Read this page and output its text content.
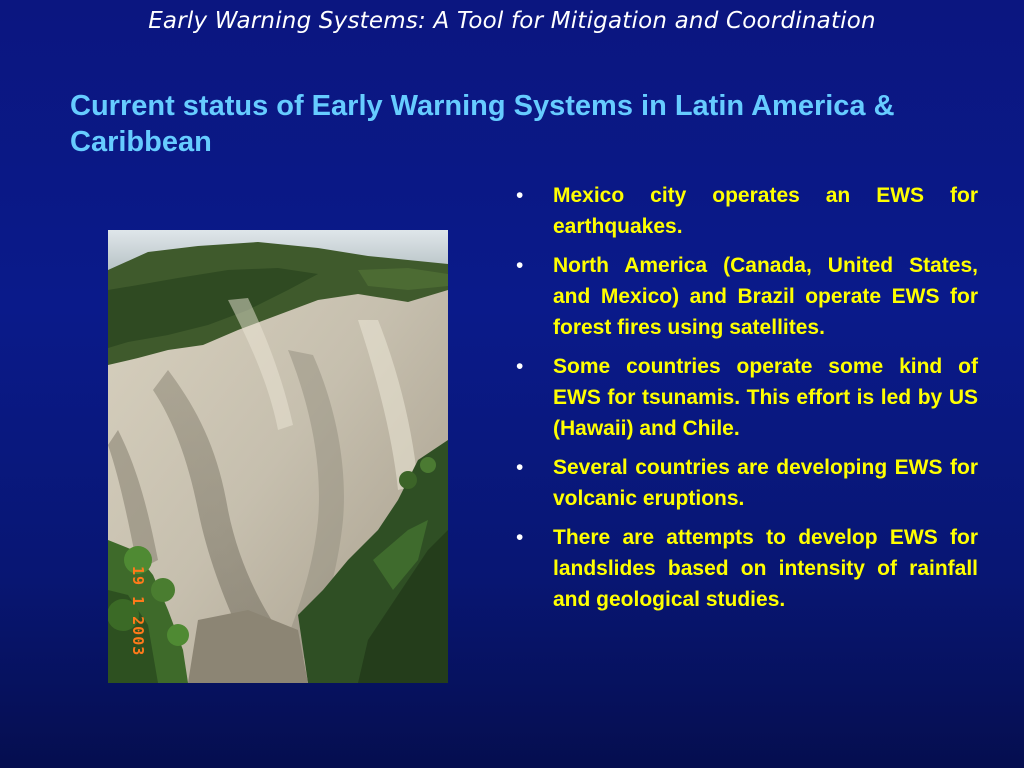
Early Warning Systems: A Tool for Mitigation and Coordination
Current status of Early Warning Systems in Latin America & Caribbean
19 1 2003
• Mexico city operates an EWS for earthquakes.
• North America (Canada, United States, and Mexico) and Brazil operate EWS for forest fires using satellites.
• Some countries operate some kind of EWS for tsunamis. This effort is led by US (Hawaii) and Chile.
• Several countries are developing EWS for volcanic eruptions.
• There are attempts to develop EWS for landslides based on intensity of rainfall and geological studies.
